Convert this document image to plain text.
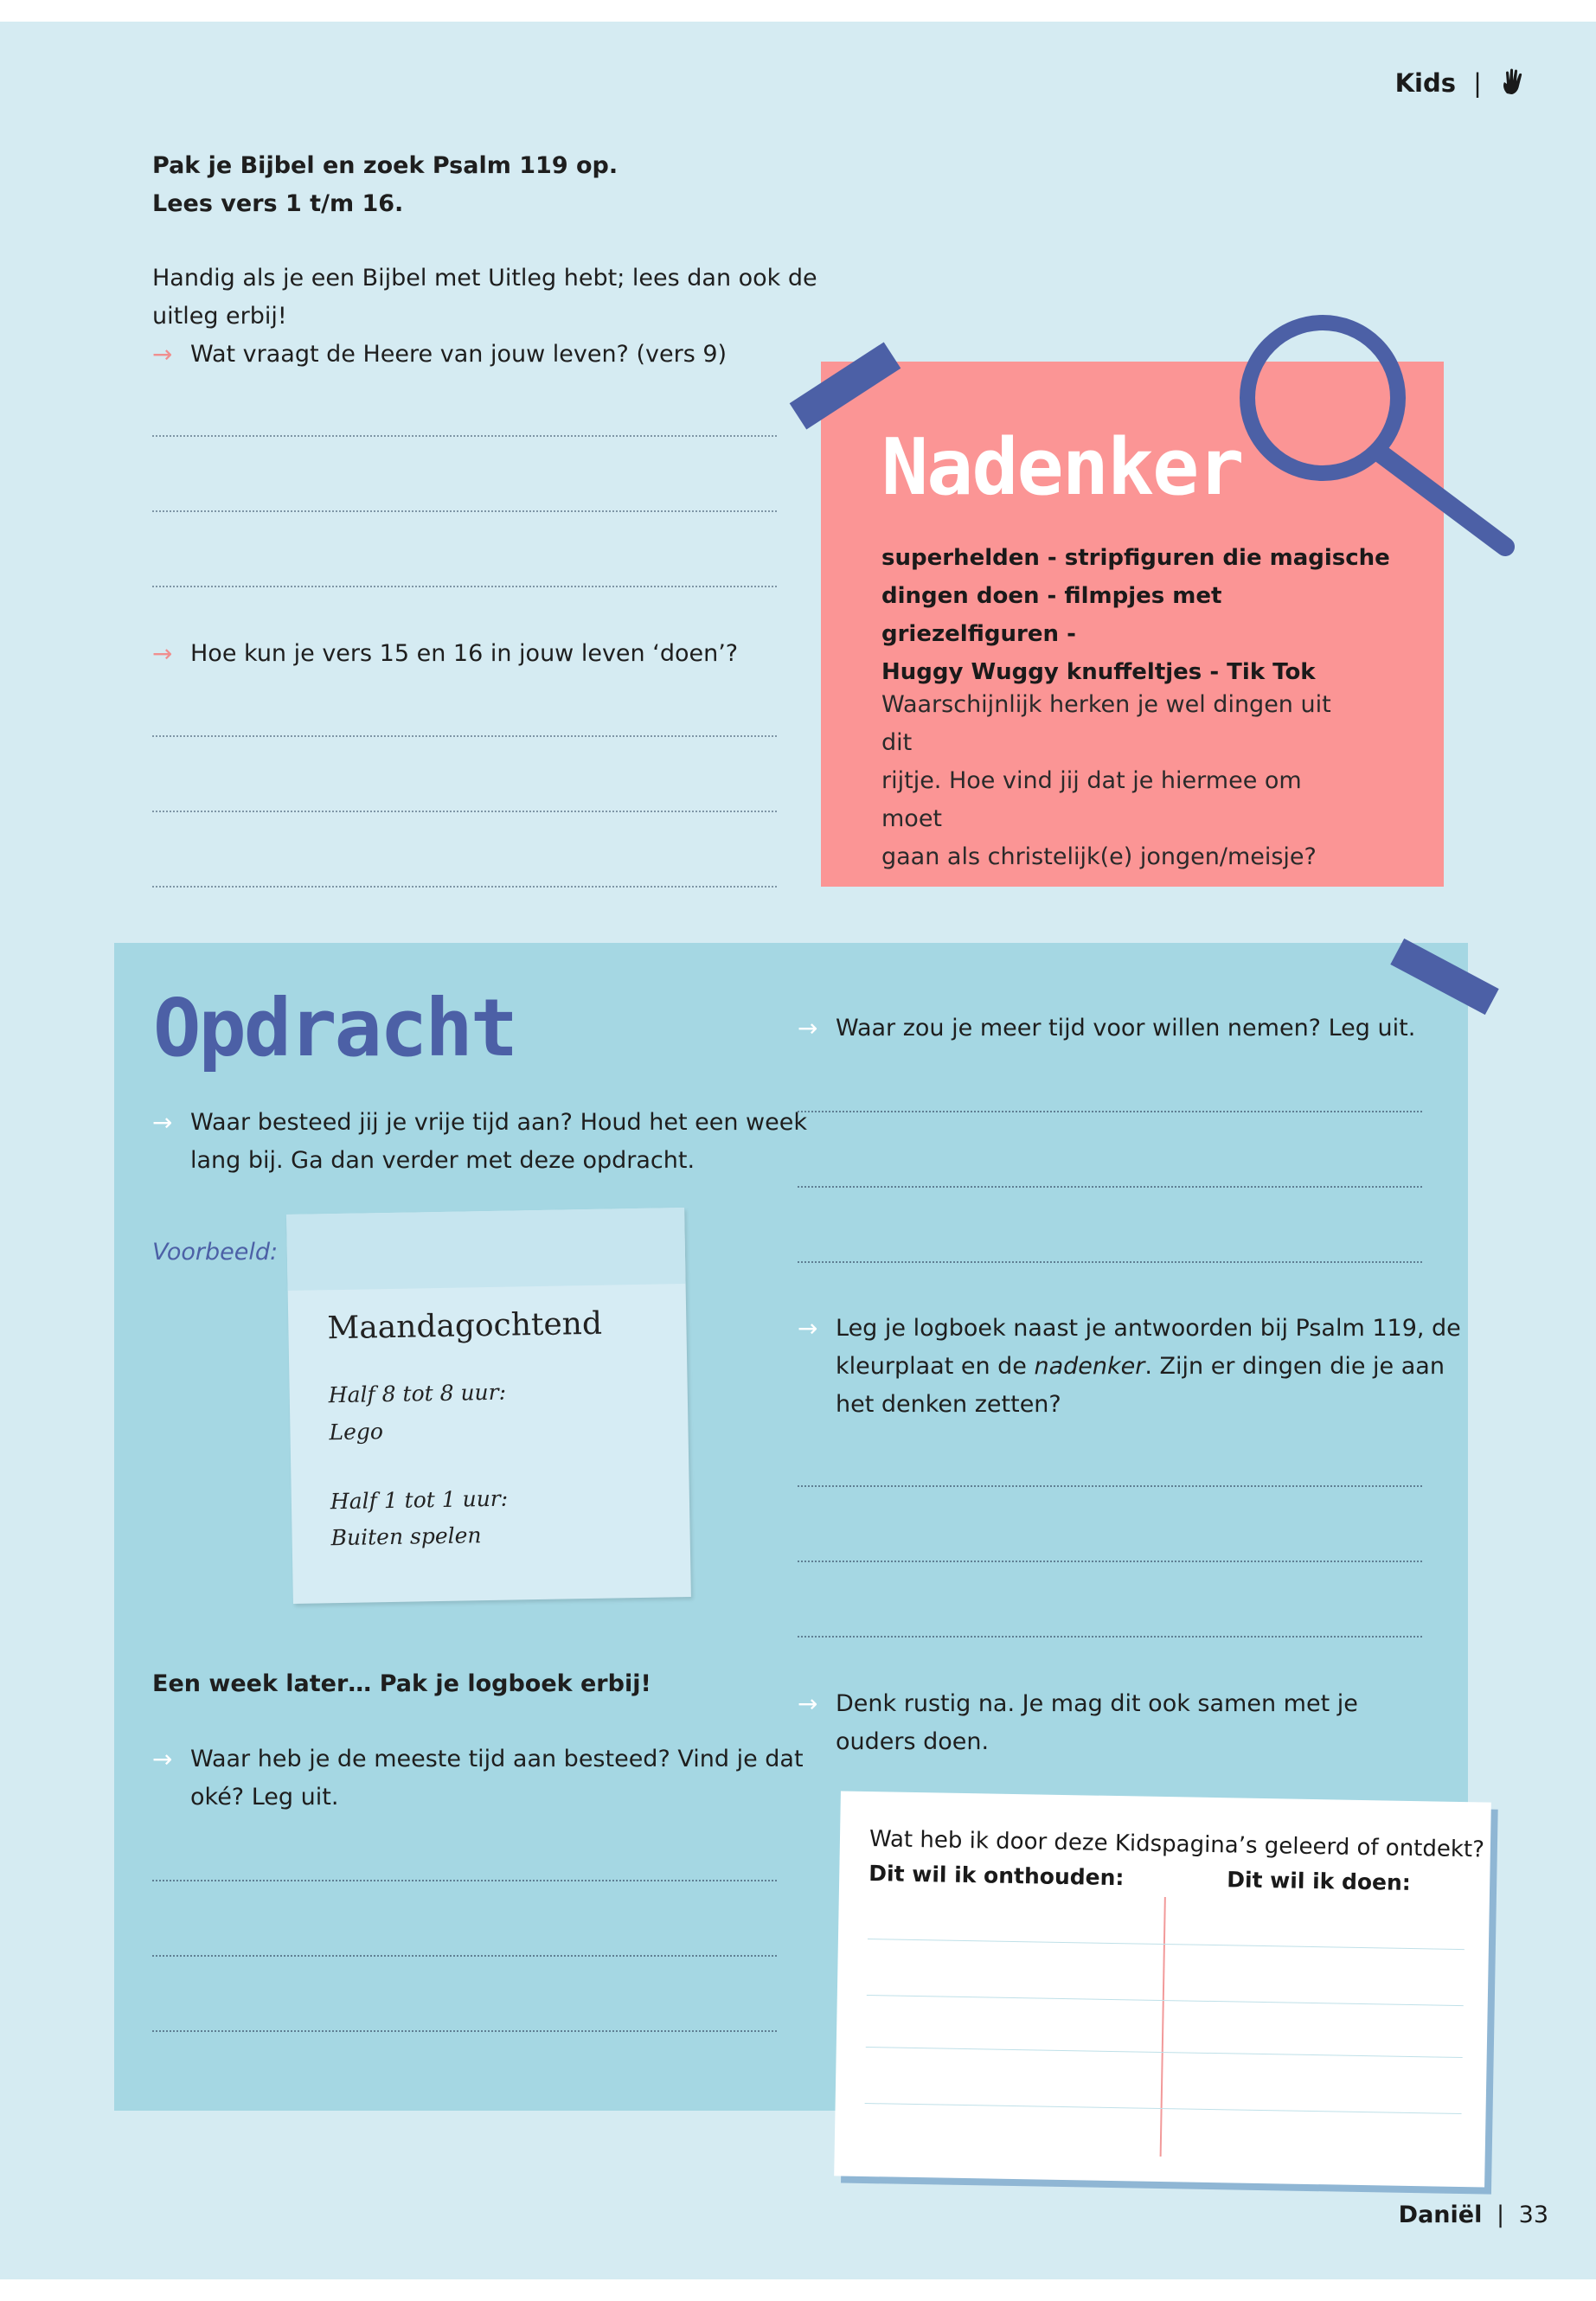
Kids |
Pak je Bijbel en zoek Psalm 119 op.
Lees vers 1 t/m 16.
Handig als je een Bijbel met Uitleg hebt; lees dan ook de
uitleg erbij!
→ Wat vraagt de Heere van jouw leven? (vers 9)
→ Hoe kun je vers 15 en 16 in jouw leven ‘doen’?
Nadenker
superhelden - stripfiguren die magische
dingen doen - filmpjes met griezelfiguren -
Huggy Wuggy knuffeltjes - Tik Tok
Waarschijnlijk herken je wel dingen uit dit
rijtje. Hoe vind jij dat je hiermee om moet
gaan als christelijk(e) jongen/meisje?
Opdracht
→ Waar besteed jij je vrije tijd aan? Houd het een week
lang bij. Ga dan verder met deze opdracht.
Voorbeeld:
Maandagochtend
Half 8 tot 8 uur:
Lego
Half 1 tot 1 uur:
Buiten spelen
Een week later… Pak je logboek erbij!
→ Waar heb je de meeste tijd aan besteed? Vind je dat
oké? Leg uit.
→ Waar zou je meer tijd voor willen nemen? Leg uit.
→ Leg je logboek naast je antwoorden bij Psalm 119, de
kleurplaat en de nadenker. Zijn er dingen die je aan
het denken zetten?
→ Denk rustig na. Je mag dit ook samen met je
ouders doen.
Wat heb ik door deze Kidspagina’s geleerd of ontdekt?
Dit wil ik onthouden:	Dit wil ik doen:
Daniël | 33
